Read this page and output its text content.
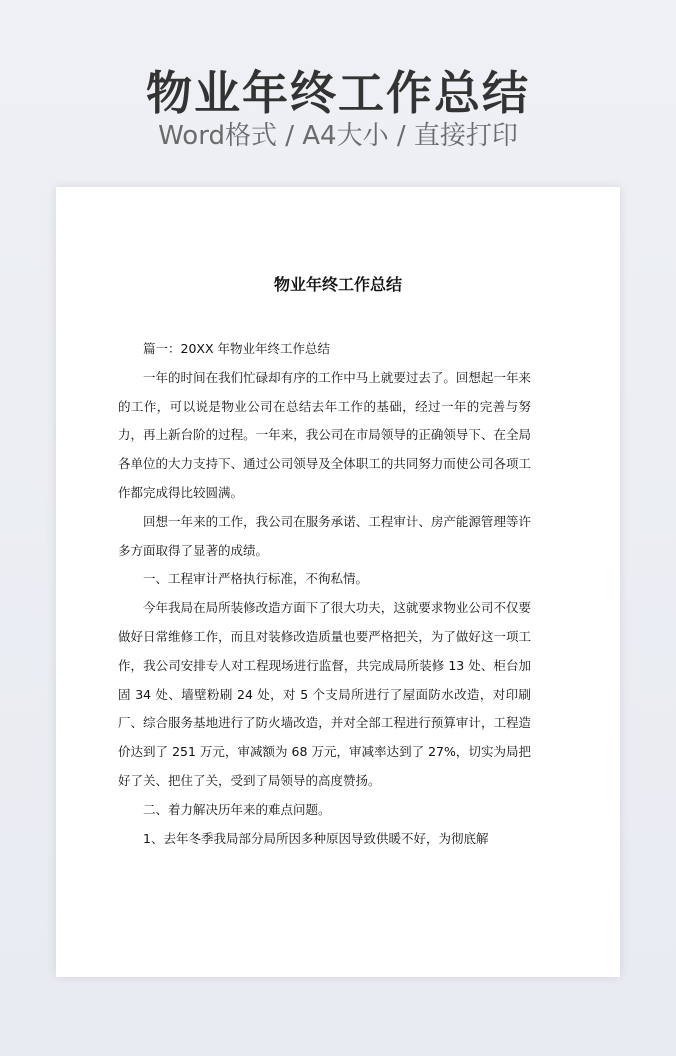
物业年终工作总结
Word格式 / A4大小 / 直接打印
物业年终工作总结

篇一：20XX 年物业年终工作总结

一年的时间在我们忙碌却有序的工作中马上就要过去了。回想起一年来的工作，可以说是物业公司在总结去年工作的基础，经过一年的完善与努力，再上新台阶的过程。一年来，我公司在市局领导的正确领导下、在全局各单位的大力支持下、通过公司领导及全体职工的共同努力而使公司各项工作都完成得比较圆满。

回想一年来的工作，我公司在服务承诺、工程审计、房产能源管理等许多方面取得了显著的成绩。

一、工程审计严格执行标准，不徇私情。

今年我局在局所装修改造方面下了很大功夫，这就要求物业公司不仅要做好日常维修工作，而且对装修改造质量也要严格把关，为了做好这一项工作，我公司安排专人对工程现场进行监督，共完成局所装修 13 处、柜台加固 34 处、墙壁粉刷 24 处，对 5 个支局所进行了屋面防水改造，对印刷厂、综合服务基地进行了防火墙改造，并对全部工程进行预算审计，工程造价达到了 251 万元，审减额为 68 万元，审减率达到了 27%，切实为局把好了关、把住了关，受到了局领导的高度赞扬。

二、着力解决历年来的难点问题。

1、去年冬季我局部分局所因多种原因导致供暖不好，为彻底解
